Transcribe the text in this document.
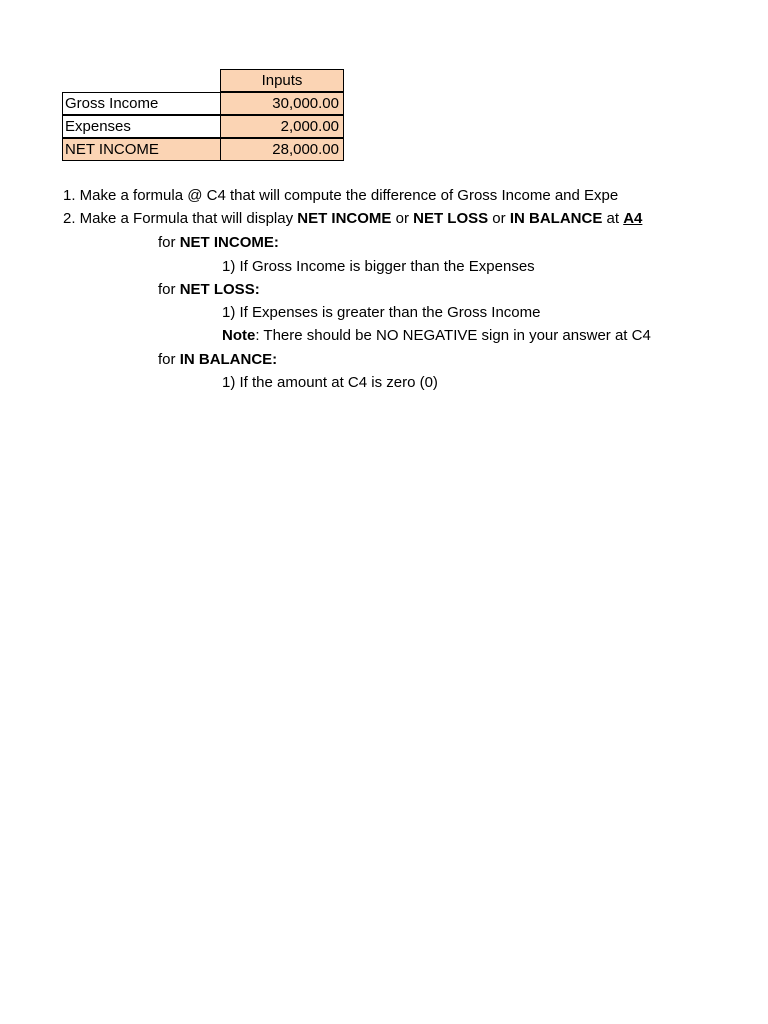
Inputs
Gross Income	30,000.00
Expenses	2,000.00
NET INCOME	28,000.00
1. Make a formula @ C4 that will compute the difference of Gross Income and Expe
2. Make a Formula that will display NET INCOME or NET LOSS or IN BALANCE at A4
for NET INCOME:
1) If Gross Income is bigger than the Expenses
for NET LOSS:
1) If Expenses is greater than the Gross Income
Note: There should be NO NEGATIVE sign in your answer at C4
for IN BALANCE:
1) If the amount at C4 is zero (0)
